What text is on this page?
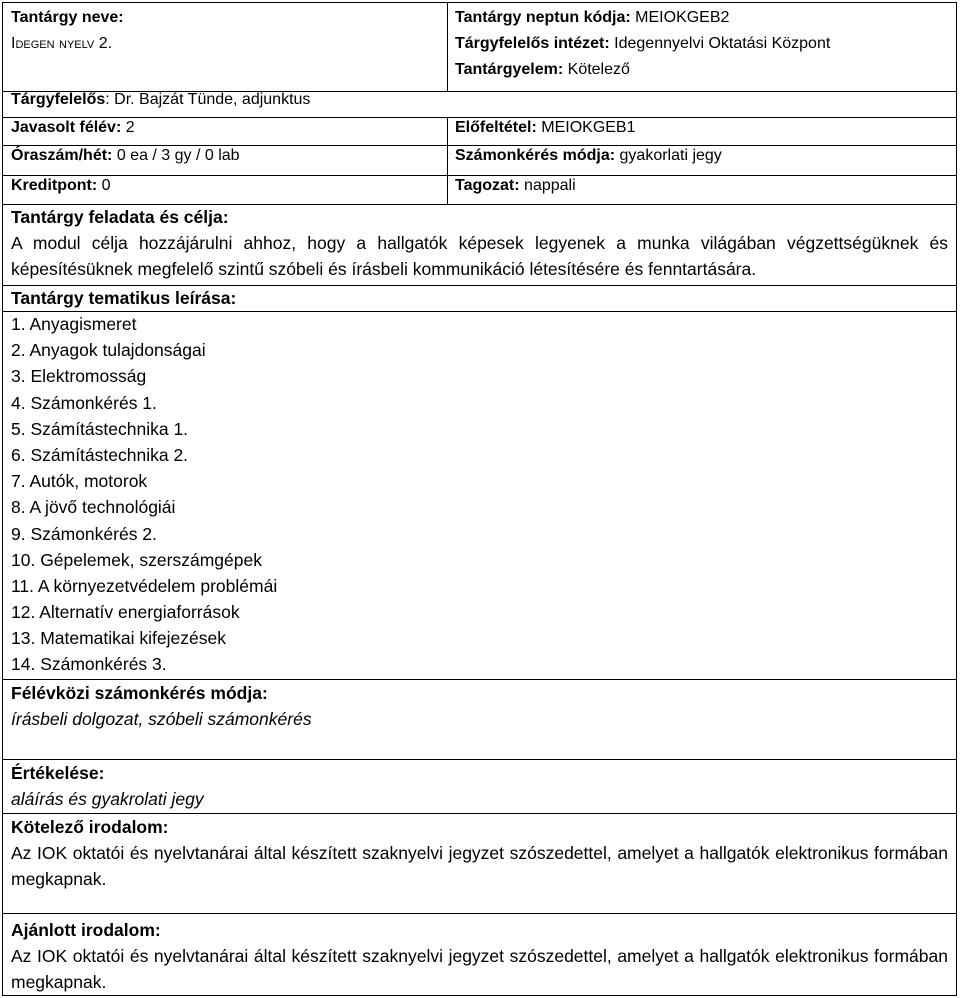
Tantárgy neve:
Idegen nyelv 2.
Tantárgy neptun kódja: MEIOKGEB2
Tárgyfelelős intézet: Idegennyelvi Oktatási Központ
Tantárgyelem: Kötelező
Tárgyfelelős: Dr. Bajzát Tünde, adjunktus
Javasolt félév: 2	Előfeltétel: MEIOKGEB1
Óraszám/hét: 0 ea / 3 gy / 0 lab	Számonkérés módja: gyakorlati jegy
Kreditpont: 0	Tagozat: nappali
Tantárgy feladata és célja:
A modul célja hozzájárulni ahhoz, hogy a hallgatók képesek legyenek a munka világában végzettségüknek és képesítésüknek megfelelő szintű szóbeli és írásbeli kommunikáció létesítésére és fenntartására.
Tantárgy tematikus leírása:
1. Anyagismeret
2. Anyagok tulajdonságai
3. Elektromosság
4. Számonkérés 1.
5. Számítástechnika 1.
6. Számítástechnika 2.
7. Autók, motorok
8. A jövő technológiái
9. Számonkérés 2.
10. Gépelemek, szerszámgépek
11. A környezetvédelem problémái
12. Alternatív energiaforrások
13. Matematikai kifejezések
14. Számonkérés 3.
Félévközi számonkérés módja:
írásbeli dolgozat, szóbeli számonkérés
Értékelése:
aláírás és gyakrolati jegy
Kötelező irodalom:
Az IOK oktatói és nyelvtanárai által készített szaknyelvi jegyzet szószedettel, amelyet a hallgatók elektronikus formában megkapnak.
Ajánlott irodalom:
Az IOK oktatói és nyelvtanárai által készített szaknyelvi jegyzet szószedettel, amelyet a hallgatók elektronikus formában megkapnak.
